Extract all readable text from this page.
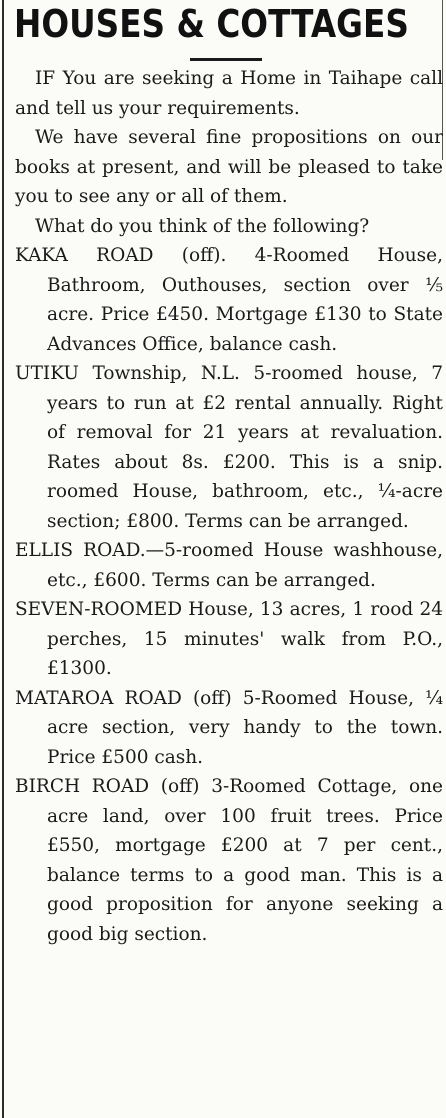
HOUSES & COTTAGES

IF You are seeking a Home in Taihape call and tell us your requirements.

We have several fine propositions on our books at present, and will be pleased to take you to see any or all of them.

What do you think of the following?

KAKA ROAD (off). 4-Roomed House, Bathroom, Outhouses, section over ⅕ acre. Price £450. Mortgage £130 to State Advances Office, balance cash.

UTIKU Township, N.L. 5-roomed house, 7 years to run at £2 rental annually. Right of removal for 21 years at revaluation. Rates about 8s. £200. This is a snip. roomed House, bathroom, etc., ¼-acre section; £800. Terms can be arranged.

ELLIS ROAD.—5-roomed House washhouse, etc., £600. Terms can be arranged.

SEVEN-ROOMED House, 13 acres, 1 rood 24 perches, 15 minutes' walk from P.O., £1300.

MATAROA ROAD (off) 5-Roomed House, ¼ acre section, very handy to the town. Price £500 cash.

BIRCH ROAD (off) 3-Roomed Cottage, one acre land, over 100 fruit trees. Price £550, mortgage £200 at 7 per cent., balance terms to a good man. This is a good proposition for anyone seeking a good big section.
